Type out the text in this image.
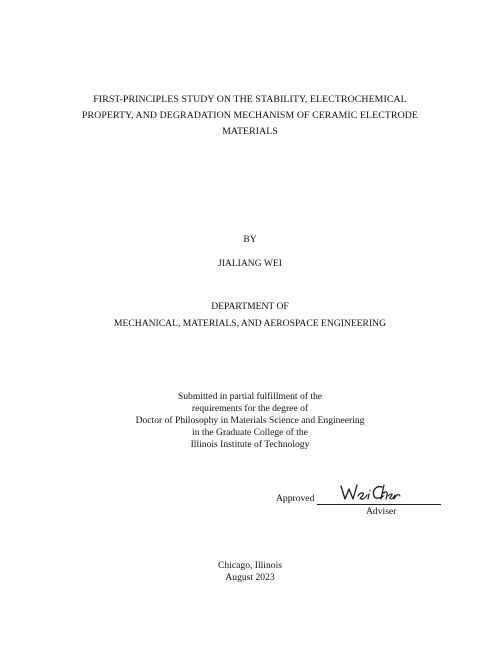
FIRST-PRINCIPLES STUDY ON THE STABILITY, ELECTROCHEMICAL
PROPERTY, AND DEGRADATION MECHANISM OF CERAMIC ELECTRODE
MATERIALS
BY
JIALIANG WEI
DEPARTMENT OF
MECHANICAL, MATERIALS, AND AEROSPACE ENGINEERING
Submitted in partial fulfillment of the
requirements for the degree of
Doctor of Philosophy in Materials Science and Engineering
in the Graduate College of the
Illinois Institute of Technology
Approved
Adviser
Chicago, Illinois
August 2023
